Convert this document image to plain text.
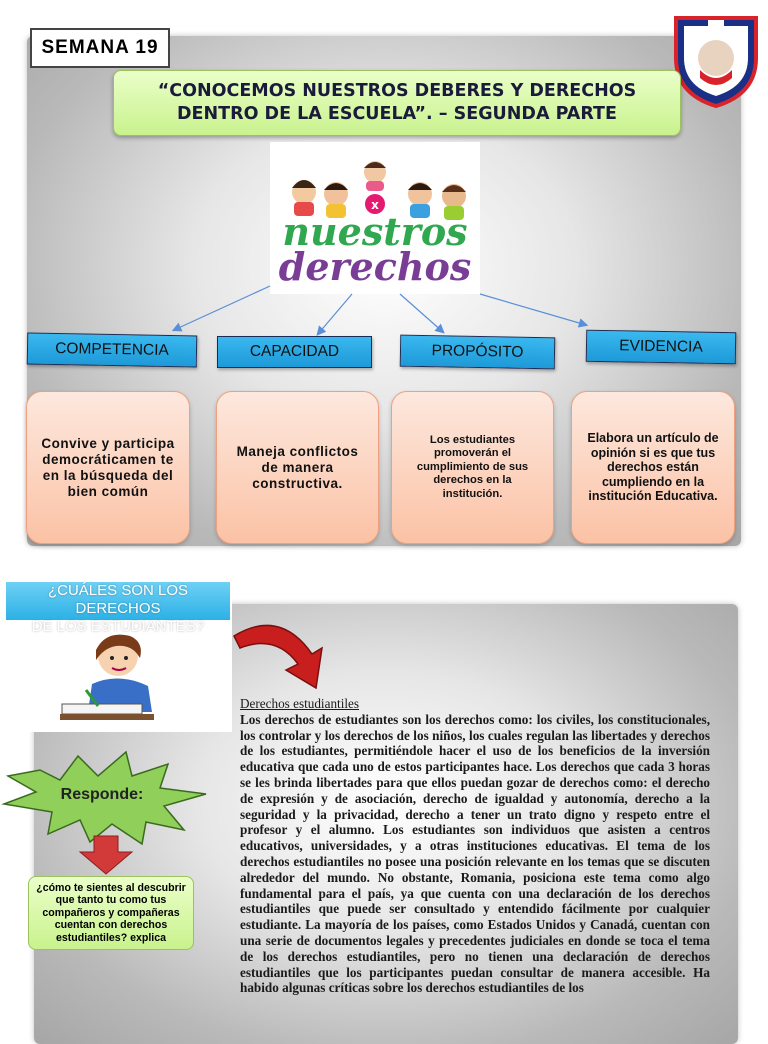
SEMANA 19
“CONOCEMOS NUESTROS DEBERES Y DERECHOS
DENTRO DE LA ESCUELA”. – SEGUNDA PARTE
x
nuestros
derechos
COMPETENCIA	CAPACIDAD	PROPÓSITO	EVIDENCIA
Convive y participa democráticamen te en la búsqueda del bien común
Maneja conflictos de manera constructiva.
Los estudiantes promoverán el cumplimiento de sus derechos en la institución.
Elabora un artículo de opinión si es que tus derechos están cumpliendo en la institución Educativa.
¿CUÁLES SON LOS DERECHOS
DE LOS ESTUDIANTES?
Responde:
¿cómo te sientes al descubrir que tanto tu como tus compañeros y compañeras cuentan con derechos estudiantiles? explica
Derechos estudiantiles
Los derechos de estudiantes son los derechos como: los civiles, los constitucionales, los controlar y los derechos de los niños, los cuales regulan las libertades y derechos de los estudiantes, permitiéndole hacer el uso de los beneficios de la inversión educativa que cada uno de estos participantes hace. Los derechos que cada 3 horas se les brinda libertades para que ellos puedan gozar de derechos como: el derecho de expresión y de asociación, derecho de igualdad y autonomía, derecho a la seguridad y la privacidad, derecho a tener un trato digno y respeto entre el profesor y el alumno. Los estudiantes son individuos que asisten a centros educativos, universidades, y a otras instituciones educativas. El tema de los derechos estudiantiles no posee una posición relevante en los temas que se discuten alrededor del mundo. No obstante, Romania, posiciona este tema como algo fundamental para el país, ya que cuenta con una declaración de los derechos estudiantiles que puede ser consultado y entendido fácilmente por cualquier estudiante. La mayoría de los países, como Estados Unidos y Canadá, cuentan con una serie de documentos legales y precedentes judiciales en donde se toca el tema de los derechos estudiantiles, pero no tienen una declaración de derechos estudiantiles que los participantes puedan consultar de manera accesible. Ha habido algunas críticas sobre los derechos estudiantiles de los
